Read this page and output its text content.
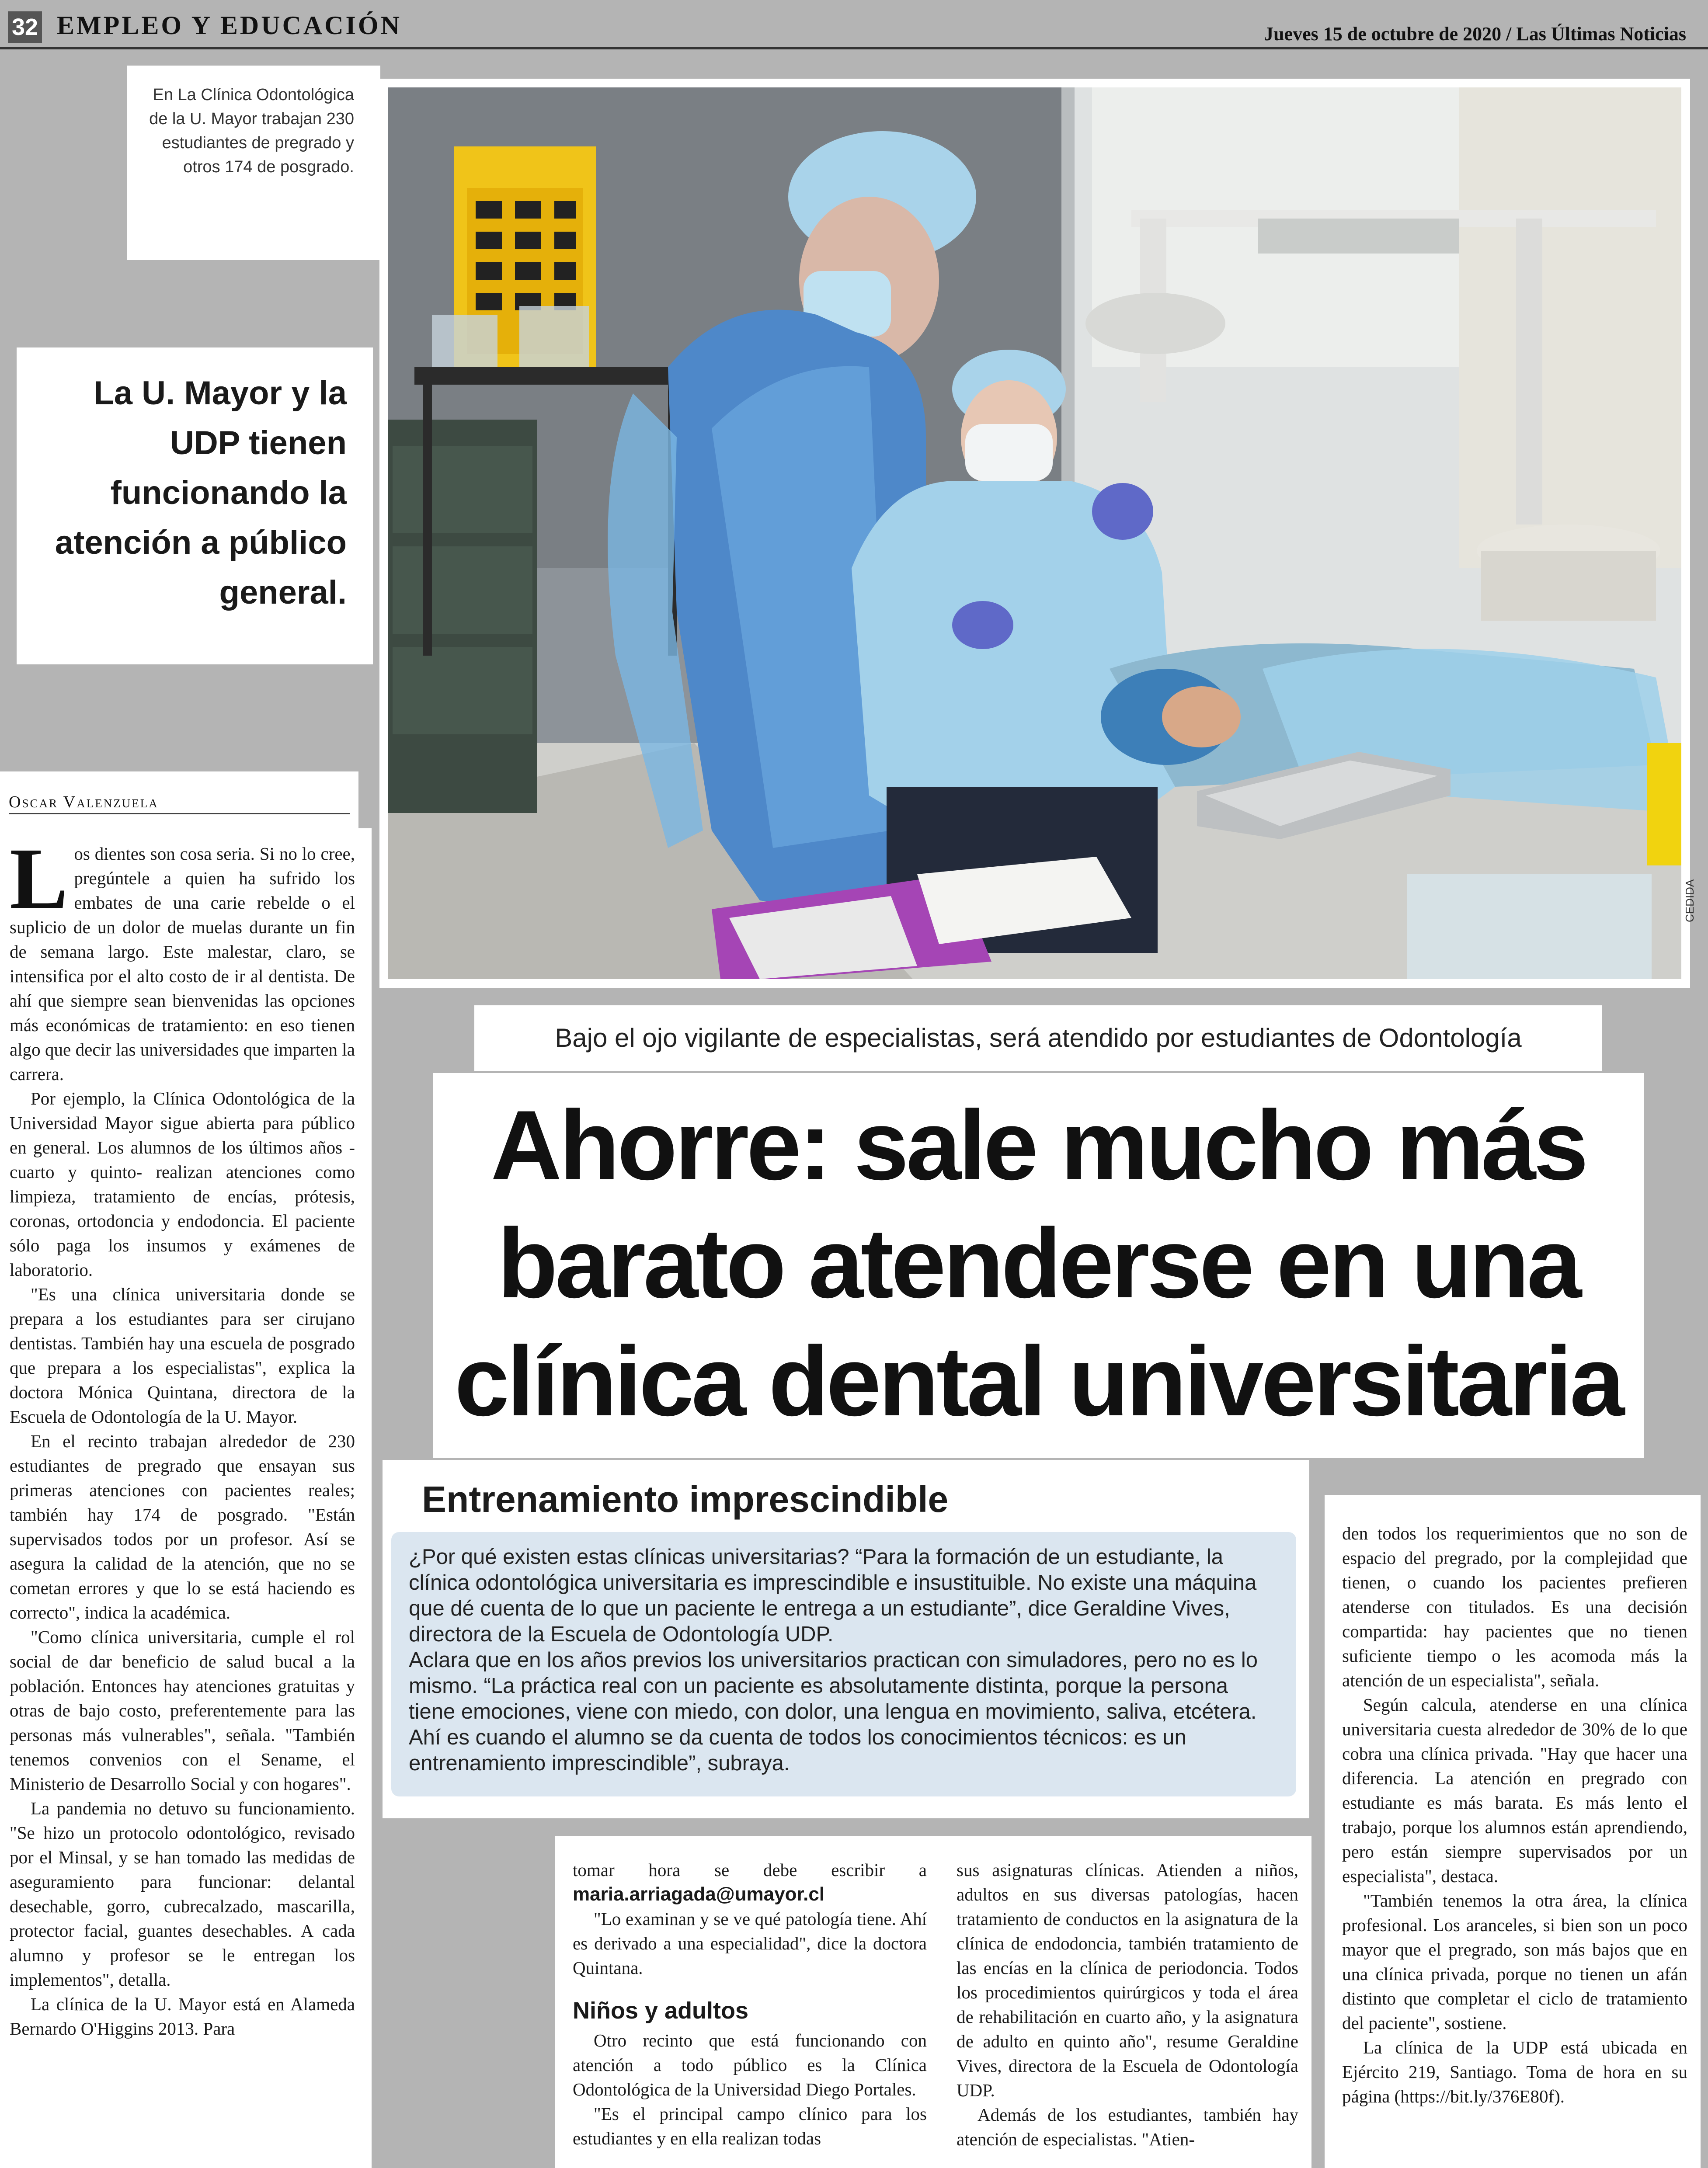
32 EMPLEO Y EDUCACIÓN	Jueves 15 de octubre de 2020 / Las Últimas Noticias
En La Clínica Odontológica de la U. Mayor trabajan 230 estudiantes de pregrado y otros 174 de posgrado.
La U. Mayor y la UDP tienen funcionando la atención a público general.
Oscar Valenzuela

Los dientes son cosa seria. Si no lo cree, pregúntele a quien ha sufrido los embates de una carie rebelde o el suplicio de un dolor de muelas durante un fin de semana largo. Este malestar, claro, se intensifica por el alto costo de ir al dentista. De ahí que siempre sean bienvenidas las opciones más económicas de tratamiento: en eso tienen algo que decir las universidades que imparten la carrera.

Por ejemplo, la Clínica Odontológica de la Universidad Mayor sigue abierta para público en general. Los alumnos de los últimos años -cuarto y quinto- realizan atenciones como limpieza, tratamiento de encías, prótesis, coronas, ortodoncia y endodoncia. El paciente sólo paga los insumos y exámenes de laboratorio.

"Es una clínica universitaria donde se prepara a los estudiantes para ser cirujano dentistas. También hay una escuela de posgrado que prepara a los especialistas", explica la doctora Mónica Quintana, directora de la Escuela de Odontología de la U. Mayor.

En el recinto trabajan alrededor de 230 estudiantes de pregrado que ensayan sus primeras atenciones con pacientes reales; también hay 174 de posgrado. "Están supervisados todos por un profesor. Así se asegura la calidad de la atención, que no se cometan errores y que lo se está haciendo es correcto", indica la académica.

"Como clínica universitaria, cumple el rol social de dar beneficio de salud bucal a la población. Entonces hay atenciones gratuitas y otras de bajo costo, preferentemente para las personas más vulnerables", señala. "También tenemos convenios con el Sename, el Ministerio de Desarrollo Social y con hogares".

La pandemia no detuvo su funcionamiento. "Se hizo un protocolo odontológico, revisado por el Minsal, y se han tomado las medidas de aseguramiento para funcionar: delantal desechable, gorro, cubrecalzado, mascarilla, protector facial, guantes desechables. A cada alumno y profesor se le entregan los implementos", detalla.

La clínica de la U. Mayor está en Alameda Bernardo O'Higgins 2013. Para

CEDIDA
Bajo el ojo vigilante de especialistas, será atendido por estudiantes de Odontología
Ahorre: sale mucho más barato atenderse en una clínica dental universitaria
Entrenamiento imprescindible

¿Por qué existen estas clínicas universitarias? “Para la formación de un estudiante, la clínica odontológica universitaria es imprescindible e insustituible. No existe una máquina que dé cuenta de lo que un paciente le entrega a un estudiante”, dice Geraldine Vives, directora de la Escuela de Odontología UDP.

Aclara que en los años previos los universitarios practican con simuladores, pero no es lo mismo. “La práctica real con un paciente es absolutamente distinta, porque la persona tiene emociones, viene con miedo, con dolor, una lengua en movimiento, saliva, etcétera. Ahí es cuando el alumno se da cuenta de todos los conocimientos técnicos: es un entrenamiento imprescindible”, subraya.

den todos los requerimientos que no son de espacio del pregrado, por la complejidad que tienen, o cuando los pacientes prefieren atenderse con titulados. Es una decisión compartida: hay pacientes que no tienen suficiente tiempo o les acomoda más la atención de un especialista", señala.

Según calcula, atenderse en una clínica universitaria cuesta alrededor de 30% de lo que cobra una clínica privada. "Hay que hacer una diferencia. La atención en pregrado con estudiante es más barata. Es más lento el trabajo, porque los alumnos están aprendiendo, pero están siempre supervisados por un especialista", destaca.

"También tenemos la otra área, la clínica profesional. Los aranceles, si bien son un poco mayor que el pregrado, son más bajos que en una clínica privada, porque no tienen un afán distinto que completar el ciclo de tratamiento del paciente", sostiene.

La clínica de la UDP está ubicada en Ejército 219, Santiago. Toma de hora en su página (https://bit.ly/376E80f).

tomar hora se debe escribir a maria.arriagada@umayor.cl

"Lo examinan y se ve qué patología tiene. Ahí es derivado a una especialidad", dice la doctora Quintana.

Niños y adultos

Otro recinto que está funcionando con atención a todo público es la Clínica Odontológica de la Universidad Diego Portales.

"Es el principal campo clínico para los estudiantes y en ella realizan todas

sus asignaturas clínicas. Atienden a niños, adultos en sus diversas patologías, hacen tratamiento de conductos en la asignatura de la clínica de endodoncia, también tratamiento de las encías en la clínica de periodoncia. Todos los procedimientos quirúrgicos y toda el área de rehabilitación en cuarto año, y la asignatura de adulto en quinto año", resume Geraldine Vives, directora de la Escuela de Odontología UDP.

Además de los estudiantes, también hay atención de especialistas. "Atien-
